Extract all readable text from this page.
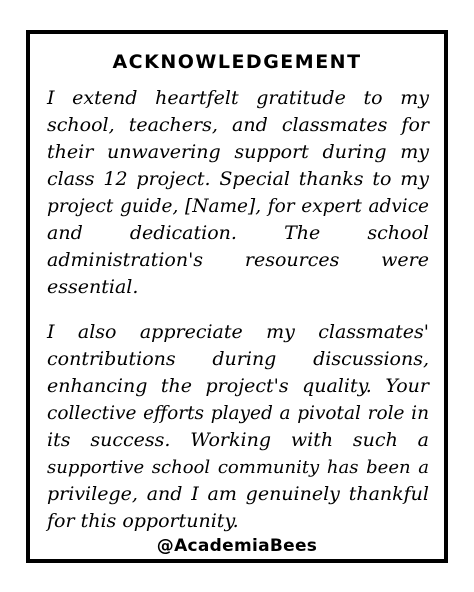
ACKNOWLEDGEMENT
I extend heartfelt gratitude to my
school, teachers, and classmates for
their unwavering support during my
class 12 project. Special thanks to my
project guide, [Name], for expert advice
and dedication. The school
administration's resources were
essential.
I also appreciate my classmates'
contributions during discussions,
enhancing the project's quality. Your
collective efforts played a pivotal role in
its success. Working with such a
supportive school community has been a
privilege, and I am genuinely thankful
for this opportunity.
@AcademiaBees
